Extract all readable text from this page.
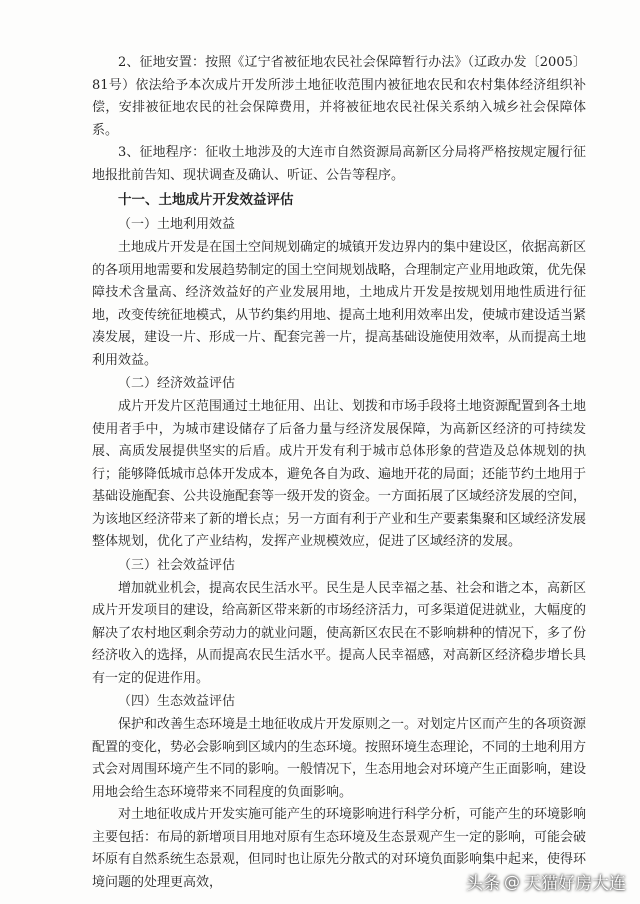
2、征地安置：按照《辽宁省被征地农民社会保障暂行办法》（辽政办发〔2005〕81号）依法给予本次成片开发所涉土地征收范围内被征地农民和农村集体经济组织补偿，安排被征地农民的社会保障费用，并将被征地农民社保关系纳入城乡社会保障体系。

3、征地程序：征收土地涉及的大连市自然资源局高新区分局将严格按规定履行征地报批前告知、现状调查及确认、听证、公告等程序。

十一、土地成片开发效益评估

（一）土地利用效益

土地成片开发是在国土空间规划确定的城镇开发边界内的集中建设区，依据高新区的各项用地需要和发展趋势制定的国土空间规划战略，合理制定产业用地政策，优先保障技术含量高、经济效益好的产业发展用地，土地成片开发是按规划用地性质进行征地，改变传统征地模式，从节约集约用地、提高土地利用效率出发，使城市建设适当紧凑发展，建设一片、形成一片、配套完善一片，提高基础设施使用效率，从而提高土地利用效益。

（二）经济效益评估

成片开发片区范围通过土地征用、出让、划拨和市场手段将土地资源配置到各土地使用者手中，为城市建设储存了后备力量与经济发展保障，为高新区经济的可持续发展、高质发展提供坚实的后盾。成片开发有利于城市总体形象的营造及总体规划的执行；能够降低城市总体开发成本，避免各自为政、遍地开花的局面；还能节约土地用于基础设施配套、公共设施配套等一级开发的资金。一方面拓展了区域经济发展的空间，为该地区经济带来了新的增长点；另一方面有利于产业和生产要素集聚和区域经济发展整体规划，优化了产业结构，发挥产业规模效应，促进了区域经济的发展。

（三）社会效益评估

增加就业机会，提高农民生活水平。民生是人民幸福之基、社会和谐之本，高新区成片开发项目的建设，给高新区带来新的市场经济活力，可多渠道促进就业，大幅度的解决了农村地区剩余劳动力的就业问题，使高新区农民在不影响耕种的情况下，多了份经济收入的选择，从而提高农民生活水平。提高人民幸福感，对高新区经济稳步增长具有一定的促进作用。

（四）生态效益评估

保护和改善生态环境是土地征收成片开发原则之一。对划定片区而产生的各项资源配置的变化，势必会影响到区域内的生态环境。按照环境生态理论，不同的土地利用方式会对周围环境产生不同的影响。一般情况下，生态用地会对环境产生正面影响，建设用地会给生态环境带来不同程度的负面影响。

对土地征收成片开发实施可能产生的环境影响进行科学分析，可能产生的环境影响主要包括：布局的新增项目用地对原有生态环境及生态景观产生一定的影响，可能会破坏原有自然系统生态景观，但同时也让原先分散式的对环境负面影响集中起来，使得环境问题的处理更高效，	头条 @ 天猫好房大连
